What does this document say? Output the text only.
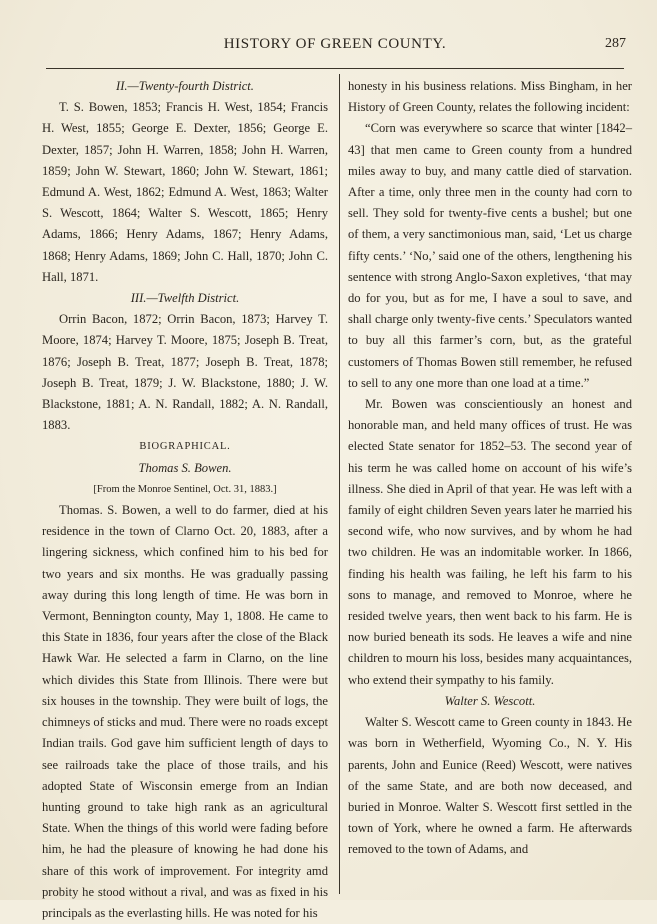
HISTORY OF GREEN COUNTY.	287

II.—Twenty-fourth District.

T. S. Bowen, 1853; Francis H. West, 1854; Francis H. West, 1855; George E. Dexter, 1856; George E. Dexter, 1857; John H. Warren, 1858; John H. Warren, 1859; John W. Stewart, 1860; John W. Stewart, 1861; Edmund A. West, 1862; Edmund A. West, 1863; Walter S. Wescott, 1864; Walter S. Wescott, 1865; Henry Adams, 1866; Henry Adams, 1867; Henry Adams, 1868; Henry Adams, 1869; John C. Hall, 1870; John C. Hall, 1871.

III.—Twelfth District.

Orrin Bacon, 1872; Orrin Bacon, 1873; Harvey T. Moore, 1874; Harvey T. Moore, 1875; Joseph B. Treat, 1876; Joseph B. Treat, 1877; Joseph B. Treat, 1878; Joseph B. Treat, 1879; J. W. Blackstone, 1880; J. W. Blackstone, 1881; A. N. Randall, 1882; A. N. Randall, 1883.

BIOGRAPHICAL.

Thomas S. Bowen.

[From the Monroe Sentinel, Oct. 31, 1883.]

Thomas. S. Bowen, a well to do farmer, died at his residence in the town of Clarno Oct. 20, 1883, after a lingering sickness, which confined him to his bed for two years and six months. He was gradually passing away during this long length of time. He was born in Vermont, Bennington county, May 1, 1808. He came to this State in 1836, four years after the close of the Black Hawk War. He selected a farm in Clarno, on the line which divides this State from Illinois. There were but six houses in the township. They were built of logs, the chimneys of sticks and mud. There were no roads except Indian trails. God gave him sufficient length of days to see railroads take the place of those trails, and his adopted State of Wisconsin emerge from an Indian hunting ground to take high rank as an agricultural State. When the things of this world were fading before him, he had the pleasure of knowing he had done his share of this work of improvement. For integrity amd probity he stood without a rival, and was as fixed in his principals as the everlasting hills. He was noted for his

honesty in his business relations. Miss Bingham, in her History of Green County, relates the following incident:

“Corn was everywhere so scarce that winter [1842–43] that men came to Green county from a hundred miles away to buy, and many cattle died of starvation. After a time, only three men in the county had corn to sell. They sold for twenty-five cents a bushel; but one of them, a very sanctimonious man, said, ‘Let us charge fifty cents.’ ‘No,’ said one of the others, lengthening his sentence with strong Anglo-Saxon expletives, ‘that may do for you, but as for me, I have a soul to save, and shall charge only twenty-five cents.’ Speculators wanted to buy all this farmer’s corn, but, as the grateful customers of Thomas Bowen still remember, he refused to sell to any one more than one load at a time.”

Mr. Bowen was conscientiously an honest and honorable man, and held many offices of trust. He was elected State senator for 1852–53. The second year of his term he was called home on account of his wife’s illness. She died in April of that year. He was left with a family of eight children Seven years later he married his second wife, who now survives, and by whom he had two children. He was an indomitable worker. In 1866, finding his health was failing, he left his farm to his sons to manage, and removed to Monroe, where he resided twelve years, then went back to his farm. He is now buried beneath its sods. He leaves a wife and nine children to mourn his loss, besides many acquaintances, who extend their sympathy to his family.

Walter S. Wescott.

Walter S. Wescott came to Green county in 1843. He was born in Wetherfield, Wyoming Co., N. Y. His parents, John and Eunice (Reed) Wescott, were natives of the same State, and are both now deceased, and buried in Monroe. Walter S. Wescott first settled in the town of York, where he owned a farm. He afterwards removed to the town of Adams, and
